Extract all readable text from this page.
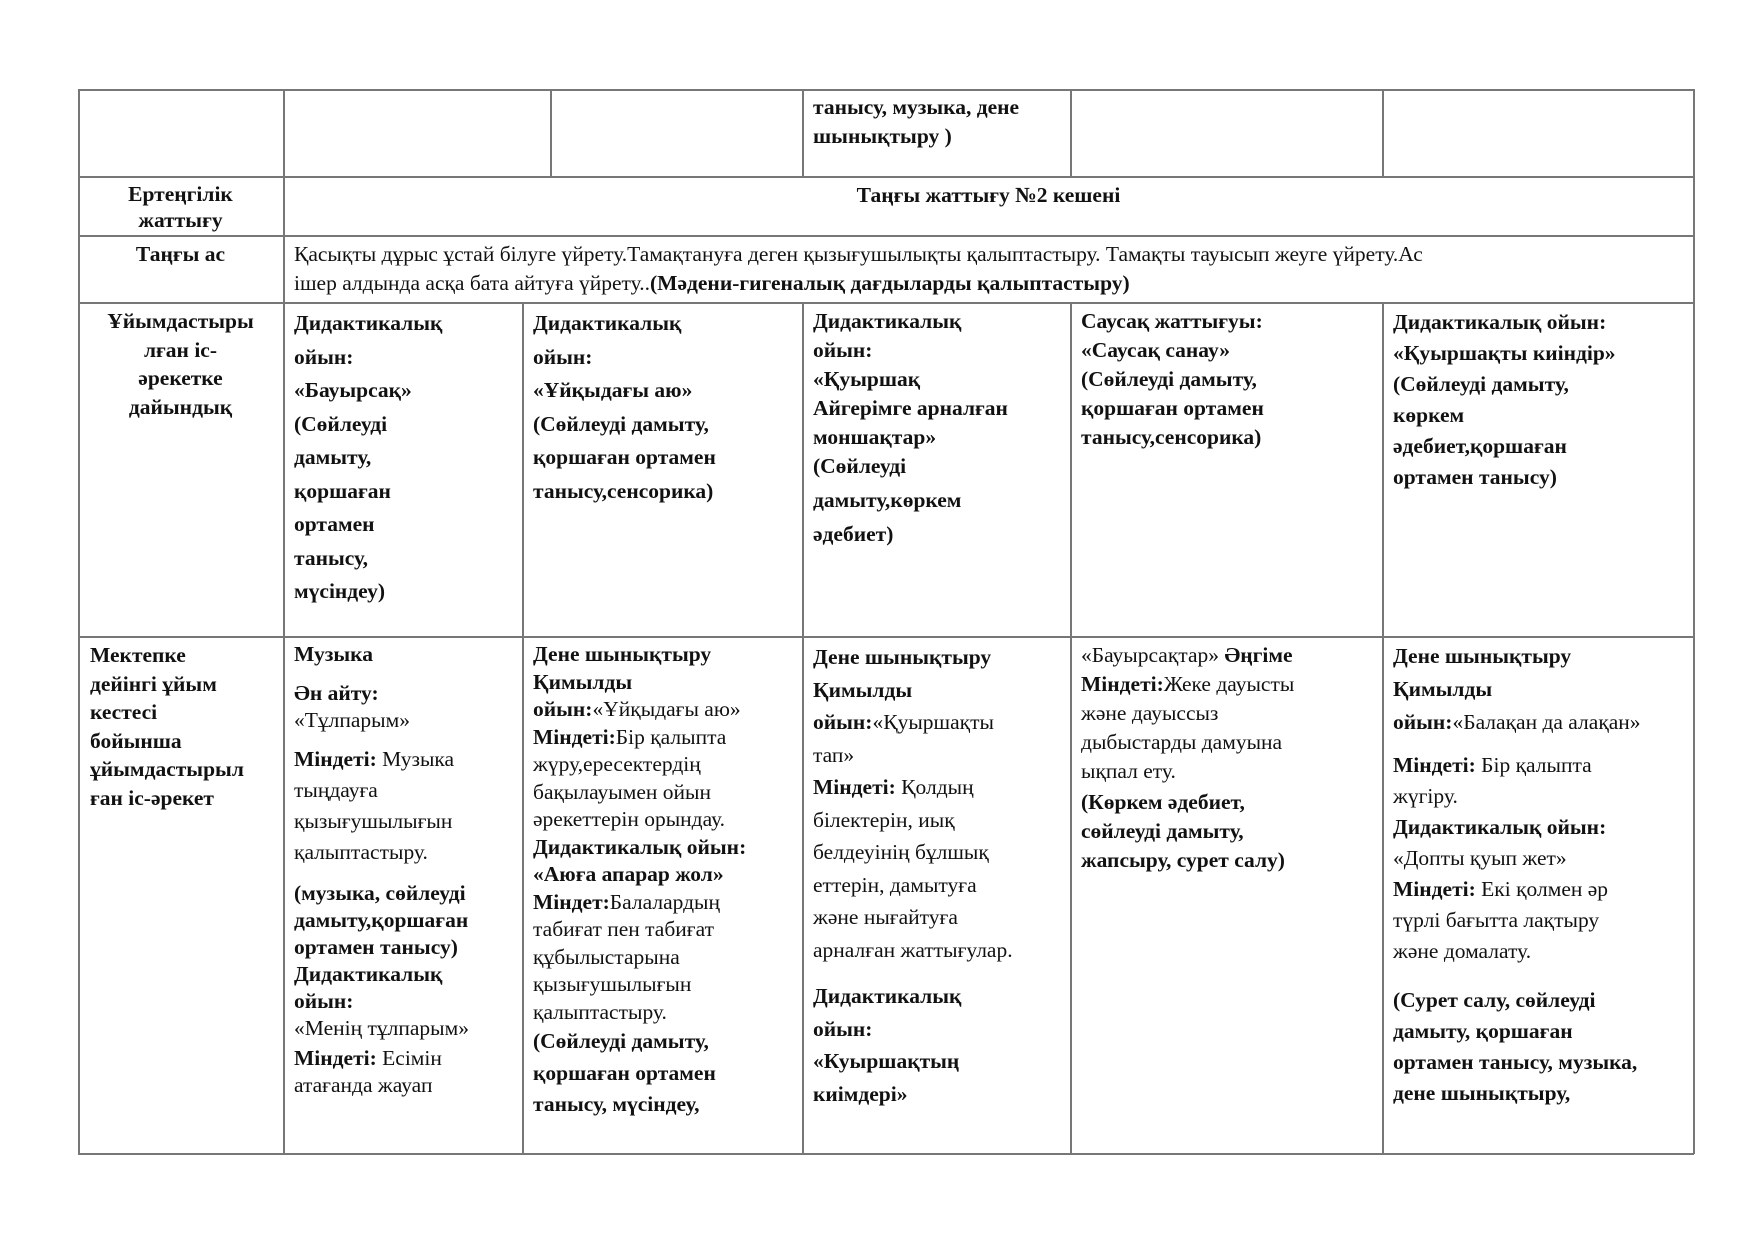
танысу, музыка, дене
шынықтыру )
Ертеңгілік
жаттығу
Таңғы жаттығу №2 кешені
Таңғы ас	Қасықты дұрыс ұстай білуге үйрету.Тамақтануға деген қызығушылықты қалыптастыру. Тамақты тауысып жеуге үйрету.Ас
ішер алдында асқа бата айтуға үйрету..(Мәдени-гигеналық дағдыларды қалыптастыру)
Ұйымдастыры
лған іс-
әрекетке
дайындық
Дидактикалық
ойын:
«Бауырсақ»
(Сөйлеуді
дамыту,
қоршаған
ортамен
танысу,
мүсіндеу)
Дидактикалық
ойын:
«Ұйқыдағы аю»
(Сөйлеуді дамыту,
қоршаған ортамен
танысу,сенсорика)
Дидактикалық
ойын:
«Қуыршақ
Айгерімге арналған
моншақтар»
(Сөйлеуді
дамыту,көркем
әдебиет)
Саусақ жаттығуы:
«Саусақ санау»
(Сөйлеуді дамыту,
қоршаған ортамен
танысу,сенсорика)
Дидактикалық ойын:
«Қуыршақты киіндір»
(Сөйлеуді дамыту,
көркем
әдебиет,қоршаған
ортамен танысу)
Мектепке
дейінгі ұйым
кестесі
бойынша
ұйымдастырыл
ған іс-әрекет
Музыка
Ән айту:
«Тұлпарым»
Міндеті: Музыка
тыңдауға
қызығушылығын
қалыптастыру.
(музыка, сөйлеуді
дамыту,қоршаған
ортамен танысу)
Дидактикалық
ойын:
«Менің тұлпарым»
Міндеті: Есімін
атағанда жауап
Дене шынықтыру
Қимылды
ойын:«Ұйқыдағы аю»
Міндеті:Бір қалыпта
жүру,ересектердің
бақылауымен ойын
әрекеттерін орындау.
Дидактикалық ойын:
«Аюға апарар жол»
Міндет:Балалардың
табиғат пен табиғат
құбылыстарына
қызығушылығын
қалыптастыру.
(Сөйлеуді дамыту,
қоршаған ортамен
танысу, мүсіндеу,
Дене шынықтыру
Қимылды
ойын:«Қуыршақты
тап»
Міндеті: Қолдың
білектерін, иық
белдеуінің бұлшық
еттерін, дамытуға
және нығайтуға
арналған жаттығулар.
Дидактикалық
ойын:
«Куыршақтың
киімдері»
«Бауырсақтар» Әңгіме
Міндеті:Жеке дауысты
және дауыссыз
дыбыстарды дамуына
ықпал ету.
(Көркем әдебиет,
сөйлеуді дамыту,
жапсыру, сурет салу)
Дене шынықтыру
Қимылды
ойын:«Балақан да алақан»
Міндеті: Бір қалыпта
жүгіру.
Дидактикалық ойын:
«Допты қуып жет»
Міндеті: Екі қолмен әр
түрлі бағытта лақтыру
және домалату.
(Сурет салу, сөйлеуді
дамыту, қоршаған
ортамен танысу, музыка,
дене шынықтыру,
